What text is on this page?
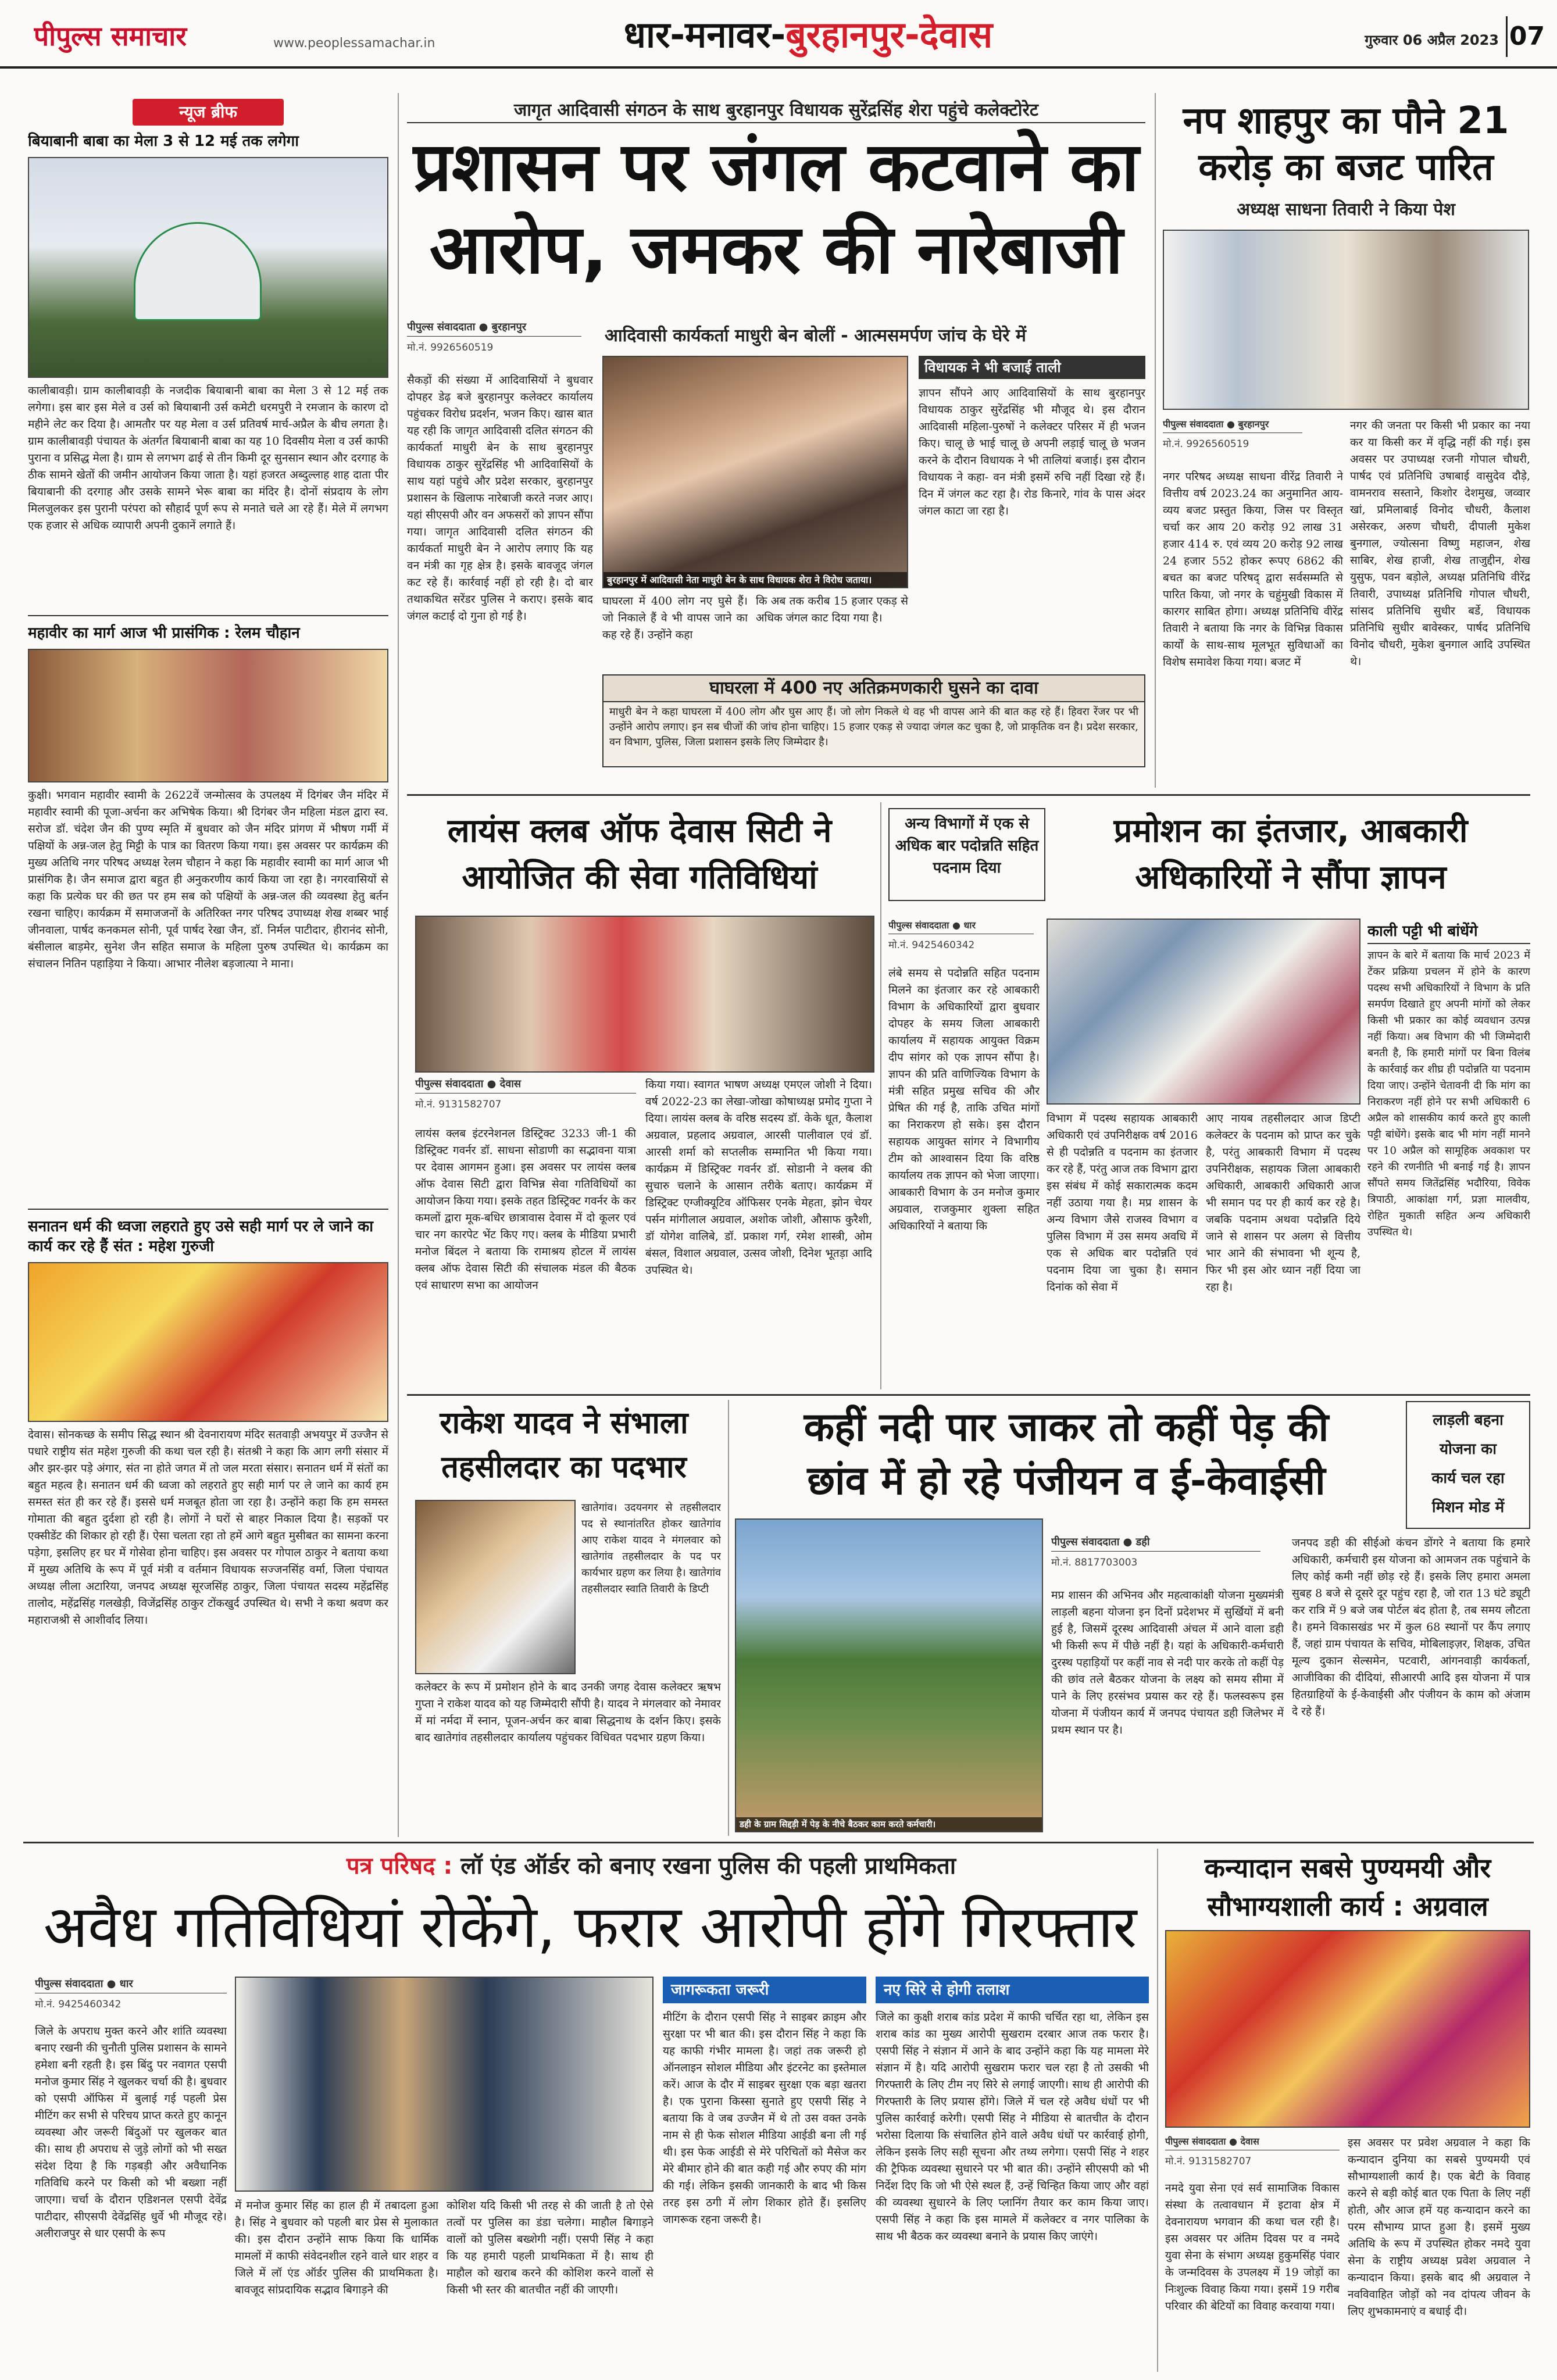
पीपुल्स समाचार	www.peoplessamachar.in	धार-मनावर-बुरहानपुर-देवास	गुरुवार 06 अप्रैल 2023 07
न्यूज ब्रीफ
बियाबानी बाबा का मेला 3 से 12 मई तक लगेगा
कालीबावड़ी। ग्राम कालीबावड़ी के नजदीक बियाबानी बाबा का मेला 3 से 12 मई तक लगेगा। इस बार इस मेले व उर्स को बियाबानी उर्स कमेटी धरमपुरी ने रमजान के कारण दो महीने लेट कर दिया है। आमतौर पर यह मेला व उर्स प्रतिवर्ष मार्च-अप्रैल के बीच लगता है। ग्राम कालीबावड़ी पंचायत के अंतर्गत बियाबानी बाबा का यह 10 दिवसीय मेला व उर्स काफी पुराना व प्रसिद्ध मेला है। ग्राम से लगभग ढाई से तीन किमी दूर सुनसान स्थान और दरगाह के ठीक सामने खेतों की जमीन आयोजन किया जाता है। यहां हजरत अब्दुल्लाह शाह दाता पीर बियाबानी की दरगाह और उसके सामने भेरू बाबा का मंदिर है। दोनों संप्रदाय के लोग मिलजुलकर इस पुरानी परंपरा को सौहार्द पूर्ण रूप से मनाते चले आ रहे हैं। मेले में लगभग एक हजार से अधिक व्यापारी अपनी दुकानें लगाते हैं।
महावीर का मार्ग आज भी प्रासंगिक : रेलम चौहान
कुक्षी। भगवान महावीर स्वामी के 2622वें जन्मोत्सव के उपलक्ष्य में दिगंबर जैन मंदिर में महावीर स्वामी की पूजा-अर्चना कर अभिषेक किया। श्री दिगंबर जैन महिला मंडल द्वारा स्व. सरोज डॉ. चंदेश जैन की पुण्य स्मृति में बुधवार को जैन मंदिर प्रांगण में भीषण गर्मी में पक्षियों के अन्न-जल हेतु मिट्टी के पात्र का वितरण किया गया। इस अवसर पर कार्यक्रम की मुख्य अतिथि नगर परिषद अध्यक्ष रेलम चौहान ने कहा कि महावीर स्वामी का मार्ग आज भी प्रासंगिक है। जैन समाज द्वारा बहुत ही अनुकरणीय कार्य किया जा रहा है। नगरवासियों से कहा कि प्रत्येक घर की छत पर हम सब को पक्षियों के अन्न-जल की व्यवस्था हेतु बर्तन रखना चाहिए। कार्यक्रम में समाजजनों के अतिरिक्त नगर परिषद उपाध्यक्ष शेख शब्बर भाई जीनवाला, पार्षद कनकमल सोनी, पूर्व पार्षद रेखा जैन, डॉ. निर्मल पाटीदार, हीरानंद सोनी, बंसीलाल बाड़मेर, सुनेश जैन सहित समाज के महिला पुरुष उपस्थित थे। कार्यक्रम का संचालन नितिन पहाड़िया ने किया। आभार नीलेश बड़जात्या ने माना।
सनातन धर्म की ध्वजा लहराते हुए उसे सही मार्ग पर ले जाने का कार्य कर रहे हैं संत : महेश गुरुजी
देवास। सोनकच्छ के समीप सिद्ध स्थान श्री देवनारायण मंदिर सतवाड़ी अभयपुर में उज्जैन से पधारे राष्ट्रीय संत महेश गुरुजी की कथा चल रही है। संतश्री ने कहा कि आग लगी संसार में और झर-झर पड़े अंगार, संत ना होते जगत में तो जल मरता संसार। सनातन धर्म में संतों का बहुत महत्व है। सनातन धर्म की ध्वजा को लहराते हुए सही मार्ग पर ले जाने का कार्य हम समस्त संत ही कर रहे हैं। इससे धर्म मजबूत होता जा रहा है। उन्होंने कहा कि हम समस्त गोमाता की बहुत दुर्दशा हो रही है। लोगों ने घरों से बाहर निकाल दिया है। सड़कों पर एक्सीडेंट की शिकार हो रही हैं। ऐसा चलता रहा तो हमें आगे बहुत मुसीबत का सामना करना पड़ेगा, इसलिए हर घर में गोसेवा होना चाहिए। इस अवसर पर गोपाल ठाकुर ने बताया कथा में मुख्य अतिथि के रूप में पूर्व मंत्री व वर्तमान विधायक सज्जनसिंह वर्मा, जिला पंचायत अध्यक्ष लीला अटारिया, जनपद अध्यक्ष सूरजसिंह ठाकुर, जिला पंचायत सदस्य महेंद्रसिंह तालोद, महेंद्रसिंह गलखेड़ी, विजेंद्रसिंह ठाकुर टोंकखुर्द उपस्थित थे। सभी ने कथा श्रवण कर महाराजश्री से आशीर्वाद लिया।
जागृत आदिवासी संगठन के साथ बुरहानपुर विधायक सुरेंद्रसिंह शेरा पहुंचे कलेक्टोरेट
प्रशासन पर जंगल कटवाने का
आरोप, जमकर की नारेबाजी
पीपुल्स संवाददाता ● बुरहानपुर
मो.नं. 9926560519
आदिवासी कार्यकर्ता माधुरी बेन बोलीं - आत्मसमर्पण जांच के घेरे में
सैकड़ों की संख्या में आदिवासियों ने बुधवार दोपहर डेढ़ बजे बुरहानपुर कलेक्टर कार्यालय पहुंचकर विरोध प्रदर्शन, भजन किए। खास बात यह रही कि जागृत आदिवासी दलित संगठन की कार्यकर्ता माधुरी बेन के साथ बुरहानपुर विधायक ठाकुर सुरेंद्रसिंह भी आदिवासियों के साथ यहां पहुंचे और प्रदेश सरकार, बुरहानपुर प्रशासन के खिलाफ नारेबाजी करते नजर आए। यहां सीएसपी और वन अफसरों को ज्ञापन सौंपा गया। जागृत आदिवासी दलित संगठन की कार्यकर्ता माधुरी बेन ने आरोप लगाए कि यह वन मंत्री का गृह क्षेत्र है। इसके बावजूद जंगल कट रहे हैं। कार्रवाई नहीं हो रही है। दो बार तथाकथित सरेंडर पुलिस ने कराए। इसके बाद जंगल कटाई दो गुना हो गई है।
बुरहानपुर में आदिवासी नेता माधुरी बेन के साथ विधायक शेरा ने विरोध जताया।
घाघरला में 400 लोग नए घुसे हैं। जो निकाले हैं वे भी वापस जाने का कह रहे हैं। उन्होंने कहा
कि अब तक करीब 15 हजार एकड़ से अधिक जंगल काट दिया गया है।
विधायक ने भी बजाई ताली
ज्ञापन सौंपने आए आदिवासियों के साथ बुरहानपुर विधायक ठाकुर सुरेंद्रसिंह भी मौजूद थे। इस दौरान आदिवासी महिला-पुरुषों ने कलेक्टर परिसर में ही भजन किए। चालू छे भाई चालू छे अपनी लड़ाई चालू छे भजन करने के दौरान विधायक ने भी तालियां बजाई। इस दौरान विधायक ने कहा- वन मंत्री इसमें रुचि नहीं दिखा रहे हैं। दिन में जंगल कट रहा है। रोड किनारे, गांव के पास अंदर जंगल काटा जा रहा है।
घाघरला में 400 नए अतिक्रमणकारी घुसने का दावा
माधुरी बेन ने कहा घाघरला में 400 लोग और घुस आए हैं। जो लोग निकले थे वह भी वापस आने की बात कह रहे हैं। हिवरा रेंजर पर भी उन्होंने आरोप लगाए। इन सब चीजों की जांच होना चाहिए। 15 हजार एकड़ से ज्यादा जंगल कट चुका है, जो प्राकृतिक वन है। प्रदेश सरकार, वन विभाग, पुलिस, जिला प्रशासन इसके लिए जिम्मेदार है।
नप शाहपुर का पौने 21
करोड़ का बजट पारित
अध्यक्ष साधना तिवारी ने किया पेश
पीपुल्स संवाददाता ● बुरहानपुर
मो.नं. 9926560519
नगर परिषद अध्यक्ष साधना वीरेंद्र तिवारी ने वित्तीय वर्ष 2023.24 का अनुमानित आय-व्यय बजट प्रस्तुत किया, जिस पर विस्तृत चर्चा कर आय 20 करोड़ 92 लाख 31 हजार 414 रु. एवं व्यय 20 करोड़ 92 लाख 24 हजार 552 होकर रूपए 6862 की बचत का बजट परिषद् द्वारा सर्वसम्मति से पारित किया, जो नगर के चहुंमुखी विकास में कारगर साबित होगा। अध्यक्ष प्रतिनिधि वीरेंद्र तिवारी ने बताया कि नगर के विभिन्न विकास कार्यों के साथ-साथ मूलभूत सुविधाओं का विशेष समावेश किया गया। बजट में
नगर की जनता पर किसी भी प्रकार का नया कर या किसी कर में वृद्धि नहीं की गई। इस अवसर पर उपाध्यक्ष रजनी गोपाल चौधरी, पार्षद एवं प्रतिनिधि उषाबाई वासुदेव दौड़े, वामनराव सस्ताने, किशोर देशमुख, जव्वार खां, प्रमिलाबाई विनोद चौधरी, कैलाश असेरकर, अरुण चौधरी, दीपाली मुकेश बुनगाल, ज्योत्सना विष्णु महाजन, शेख साबिर, शेख हाजी, शेख ताजुद्दीन, शेख युसुफ, पवन बड़ोले, अध्यक्ष प्रतिनिधि वीरेंद्र तिवारी, उपाध्यक्ष प्रतिनिधि गोपाल चौधरी, सांसद प्रतिनिधि सुधीर बर्डे, विधायक प्रतिनिधि सुधीर बावेस्कर, पार्षद प्रतिनिधि विनोद चौधरी, मुकेश बुनगाल आदि उपस्थित थे।
लायंस क्लब ऑफ देवास सिटी ने
आयोजित की सेवा गतिविधियां
पीपुल्स संवाददाता ● देवास
मो.नं. 9131582707
लायंस क्लब इंटरनेशनल डिस्ट्रिक्ट 3233 जी-1 की डिस्ट्रिक्ट गवर्नर डॉ. साधना सोडाणी का सद्भावना यात्रा पर देवास आगमन हुआ। इस अवसर पर लायंस क्लब ऑफ देवास सिटी द्वारा विभिन्न सेवा गतिविधियों का आयोजन किया गया। इसके तहत डिस्ट्रिक्ट गवर्नर के कर कमलों द्वारा मूक-बधिर छात्रावास देवास में दो कूलर एवं चार नग कारपेट भेंट किए गए। क्लब के मीडिया प्रभारी मनोज बिंदल ने बताया कि रामाश्रय होटल में लायंस क्लब ऑफ देवास सिटी की संचालक मंडल की बैठक एवं साधारण सभा का आयोजन
किया गया। स्वागत भाषण अध्यक्ष एमएल जोशी ने दिया। वर्ष 2022-23 का लेखा-जोखा कोषाध्यक्ष प्रमोद गुप्ता ने दिया। लायंस क्लब के वरिष्ठ सदस्य डॉ. केके धूत, कैलाश अग्रवाल, प्रहलाद अग्रवाल, आरसी पालीवाल एवं डॉ. आरसी शर्मा को सप्तलीक सम्मानित भी किया गया। कार्यक्रम में डिस्ट्रिक्ट गवर्नर डॉ. सोडानी ने क्लब की सुचारु चलाने के आसान तरीके बताए। कार्यक्रम में डिस्ट्रिक्ट एग्जीक्यूटिव ऑफिसर एनके मेहता, झोन चेयर पर्सन मांगीलाल अग्रवाल, अशोक जोशी, औसाफ कुरैशी, डॉ योगेश वालिबे, डॉ. प्रकाश गर्ग, रमेश शास्त्री, ओम बंसल, विशाल अग्रवाल, उत्सव जोशी, दिनेश भूतड़ा आदि उपस्थित थे।
अन्य विभागों में एक से अधिक बार पदोन्नति सहित पदनाम दिया
प्रमोशन का इंतजार, आबकारी
अधिकारियों ने सौंपा ज्ञापन
पीपुल्स संवाददाता ● धार
मो.नं. 9425460342
लंबे समय से पदोन्नति सहित पदनाम मिलने का इंतजार कर रहे आबकारी विभाग के अधिकारियों द्वारा बुधवार दोपहर के समय जिला आबकारी कार्यालय में सहायक आयुक्त विक्रम दीप सांगर को एक ज्ञापन सौंपा है। ज्ञापन की प्रति वाणिज्यिक विभाग के मंत्री सहित प्रमुख सचिव की और प्रेषित की गई है, ताकि उचित मांगों का निराकरण हो सके। इस दौरान सहायक आयुक्त सांगर ने विभागीय टीम को आश्वासन दिया कि वरिष्ठ कार्यालय तक ज्ञापन को भेजा जाएगा। आबकारी विभाग के उन मनोज कुमार अग्रवाल, राजकुमार शुक्ला सहित अधिकारियों ने बताया कि
विभाग में पदस्थ सहायक आबकारी अधिकारी एवं उपनिरीक्षक वर्ष 2016 से ही पदोन्नति व पदनाम का इंतजार कर रहे हैं, परंतु आज तक विभाग द्वारा इस संबंध में कोई सकारात्मक कदम नहीं उठाया गया है। मप्र शासन के अन्य विभाग जैसे राजस्व विभाग व पुलिस विभाग में उस समय अवधि में एक से अधिक बार पदोन्नति एवं पदनाम दिया जा चुका है। समान दिनांक को सेवा में
आए नायब तहसीलदार आज डिप्टी कलेक्टर के पदनाम को प्राप्त कर चुके है, परंतु आबकारी विभाग में पदस्थ उपनिरीक्षक, सहायक जिला आबकारी अधिकारी, आबकारी अधिकारी आज भी समान पद पर ही कार्य कर रहे है। जबकि पदनाम अथवा पदोन्नति दिये जाने से शासन पर अलग से वित्तीय भार आने की संभावना भी शून्य है, फिर भी इस ओर ध्यान नहीं दिया जा रहा है।
काली पट्टी भी बांधेंगे
ज्ञापन के बारे में बताया कि मार्च 2023 में टेंकर प्रक्रिया प्रचलन में होने के कारण पदस्थ सभी अधिकारियों ने विभाग के प्रति समर्पण दिखाते हुए अपनी मांगों को लेकर किसी भी प्रकार का कोई व्यवधान उत्पन्न नहीं किया। अब विभाग की भी जिम्मेदारी बनती है, कि हमारी मांगों पर बिना विलंब के कार्रवाई कर शीघ्र ही पदोन्नति या पदनाम दिया जाए। उन्होंने चेतावनी दी कि मांग का निराकरण नहीं होने पर सभी अधिकारी 6 अप्रैल को शासकीय कार्य करते हुए काली पट्टी बांधेंगे। इसके बाद भी मांग नहीं मानने पर 10 अप्रैल को सामूहिक अवकाश पर रहने की रणनीति भी बनाई गई है। ज्ञापन सौंपते समय जितेंद्रसिंह भदौरिया, विवेक त्रिपाठी, आकांक्षा गर्ग, प्रज्ञा मालवीय, रोहित मुकाती सहित अन्य अधिकारी उपस्थित थे।
राकेश यादव ने संभाला
तहसीलदार का पदभार
खातेगांव। उदयनगर से तहसीलदार पद से स्थानांतरित होकर खातेगांव आए राकेश यादव ने मंगलवार को खातेगांव तहसीलदार के पद पर कार्यभार ग्रहण कर लिया है। खातेगांव तहसीलदार स्वाति तिवारी के डिप्टी
कलेक्टर के रूप में प्रमोशन होने के बाद उनकी जगह देवास कलेक्टर ऋषभ गुप्ता ने राकेश यादव को यह जिम्मेदारी सौंपी है। यादव ने मंगलवार को नेमावर में मां नर्मदा में स्नान, पूजन-अर्चन कर बाबा सिद्धनाथ के दर्शन किए। इसके बाद खातेगांव तहसीलदार कार्यालय पहुंचकर विधिवत पदभार ग्रहण किया।
कहीं नदी पार जाकर तो कहीं पेड़ की
छांव में हो रहे पंजीयन व ई-केवाईसी
लाड़ली बहना
योजना का
कार्य चल रहा
मिशन मोड में
डही के ग्राम सिद्दड़ी में पेड़ के नीचे बैठकर काम करते कर्मचारी।
पीपुल्स संवाददाता ● डही
मो.नं. 8817703003
मप्र शासन की अभिनव और महत्वाकांक्षी योजना मुख्यमंत्री लाड़ली बहना योजना इन दिनों प्रदेशभर में सुर्खियों में बनी हुई है, जिसमें दूरस्थ आदिवासी अंचल में आने वाला डही भी किसी रूप में पीछे नहीं है। यहां के अधिकारी-कर्मचारी दुरस्थ पहाड़ियों पर कहीं नाव से नदी पार करके तो कहीं पेड़ की छांव तले बैठकर योजना के लक्ष्य को समय सीमा में पाने के लिए हरसंभव प्रयास कर रहे हैं। फलस्वरूप इस योजना में पंजीयन कार्य में जनपद पंचायत डही जिलेभर में प्रथम स्थान पर है।
जनपद डही की सीईओ कंचन डोंगरे ने बताया कि हमारे अधिकारी, कर्मचारी इस योजना को आमजन तक पहुंचाने के लिए कोई कमी नहीं छोड़ रहे हैं। इसके लिए हमारा अमला सुबह 8 बजे से दूसरे दूर पहुंच रहा है, जो रात 13 घंटे ड्यूटी कर रात्रि में 9 बजे जब पोर्टल बंद होता है, तब समय लौटता है। हमने विकासखंड भर में कुल 68 स्थानों पर कैंप लगाए हैं, जहां ग्राम पंचायत के सचिव, मोबिलाइज़र, शिक्षक, उचित मूल्य दुकान सेल्समेन, पटवारी, आंगनवाड़ी कार्यकर्ता, आजीविका की दीदियां, सीआरपी आदि इस योजना में पात्र हितग्राहियों के ई-केवाईसी और पंजीयन के काम को अंजाम दे रहे हैं।
पत्र परिषद : लॉ एंड ऑर्डर को बनाए रखना पुलिस की पहली प्राथमिकता
अवैध गतिविधियां रोकेंगे, फरार आरोपी होंगे गिरफ्तार
पीपुल्स संवाददाता ● धार
मो.नं. 9425460342
जिले के अपराध मुक्त करने और शांति व्यवस्था बनाए रखनी की चुनौती पुलिस प्रशासन के सामने हमेशा बनी रहती है। इस बिंदु पर नवागत एसपी मनोज कुमार सिंह ने खुलकर चर्चा की है। बुधवार को एसपी ऑफिस में बुलाई गई पहली प्रेस मीटिंग कर सभी से परिचय प्राप्त करते हुए कानून व्यवस्था और जरूरी बिंदुओं पर खुलकर बात की। साथ ही अपराध से जुड़े लोगों को भी सख्त संदेश दिया है कि गड़बड़ी और अवैधानिक गतिविधि करने पर किसी को भी बख्शा नहीं जाएगा। चर्चा के दौरान एडिशनल एसपी देवेंद्र पाटीदार, सीएसपी देवेंद्रसिंह धुर्वे भी मौजूद रहे। अलीराजपुर से धार एसपी के रूप
में मनोज कुमार सिंह का हाल ही में तबादला हुआ है। सिंह ने बुधवार को पहली बार प्रेस से मुलाकात की। इस दौरान उन्होंने साफ किया कि धार्मिक मामलों में काफी संवेदनशील रहने वाले धार शहर व जिले में लॉ एंड ऑर्डर पुलिस की प्राथमिकता है। बावजूद सांप्रदायिक सद्भाव बिगाड़ने की
कोशिश यदि किसी भी तरह से की जाती है तो ऐसे तत्वों पर पुलिस का डंडा चलेगा। माहौल बिगाड़ने वालों को पुलिस बख्शेगी नहीं। एसपी सिंह ने कहा कि यह हमारी पहली प्राथमिकता में है। साथ ही माहौल को खराब करने की कोशिश करने वालों से किसी भी स्तर की बातचीत नहीं की जाएगी।
जागरूकता जरूरी
मीटिंग के दौरान एसपी सिंह ने साइबर क्राइम और सुरक्षा पर भी बात की। इस दौरान सिंह ने कहा कि यह काफी गंभीर मामला है। जहां तक जरूरी हो ऑनलाइन सोशल मीडिया और इंटरनेट का इस्तेमाल करें। आज के दौर में साइबर सुरक्षा एक बड़ा खतरा है। एक पुराना किस्सा सुनाते हुए एसपी सिंह ने बताया कि वे जब उज्जैन में थे तो उस वक्त उनके नाम से ही फेक सोशल मीडिया आईडी बना ली गई थी। इस फेक आईडी से मेरे परिचितों को मैसेज कर मेरे बीमार होने की बात कही गई और रुपए की मांग की गई। लेकिन इसकी जानकारी के बाद भी किस तरह इस ठगी में लोग शिकार होते हैं। इसलिए जागरूक रहना जरूरी है।
नए सिरे से होगी तलाश
जिले का कुक्षी शराब कांड प्रदेश में काफी चर्चित रहा था, लेकिन इस शराब कांड का मुख्य आरोपी सुखराम दरबार आज तक फरार है। एसपी सिंह ने संज्ञान में आने के बाद उन्होंने कहा कि यह मामला मेरे संज्ञान में है। यदि आरोपी सुखराम फरार चल रहा है तो उसकी भी गिरफ्तारी के लिए टीम नए सिरे से लगाई जाएगी। साथ ही आरोपी की गिरफ्तारी के लिए प्रयास होंगे। जिले में चल रहे अवैध धंधों पर भी पुलिस कार्रवाई करेगी। एसपी सिंह ने मीडिया से बातचीत के दौरान भरोसा दिलाया कि संचालित होने वाले अवैध धंधों पर कार्रवाई होगी, लेकिन इसके लिए सही सूचना और तथ्य लगेगा। एसपी सिंह ने शहर की ट्रैफिक व्यवस्था सुधारने पर भी बात की। उन्होंने सीएसपी को भी निर्देश दिए कि जो भी ऐसे स्थल हैं, उन्हें चिन्हित किया जाए और वहां की व्यवस्था सुधारने के लिए प्लानिंग तैयार कर काम किया जाए। एसपी सिंह ने कहा कि इस मामले में कलेक्टर व नगर पालिका के साथ भी बैठक कर व्यवस्था बनाने के प्रयास किए जाएंगे।
कन्यादान सबसे पुण्यमयी और
सौभाग्यशाली कार्य : अग्रवाल
पीपुल्स संवाददाता ● देवास
मो.नं. 9131582707
नमदे युवा सेना एवं सर्व सामाजिक विकास संस्था के तत्वावधान में इटावा क्षेत्र में देवनारायण भगवान की कथा चल रही है। इस अवसर पर अंतिम दिवस पर व नमदे युवा सेना के संभाग अध्यक्ष हुकुमसिंह पंवार के जन्मदिवस के उपलक्ष्य में 19 जोड़ों का निःशुल्क विवाह किया गया। इसमें 19 गरीब परिवार की बेटियों का विवाह करवाया गया।
इस अवसर पर प्रवेश अग्रवाल ने कहा कि कन्यादान दुनिया का सबसे पुण्यमयी एवं सौभाग्यशाली कार्य है। एक बेटी के विवाह करने से बड़ी कोई बात एक पिता के लिए नहीं होती, और आज हमें यह कन्यादान करने का परम सौभाग्य प्राप्त हुआ है। इसमें मुख्य अतिथि के रूप में उपस्थित होकर नमदे युवा सेना के राष्ट्रीय अध्यक्ष प्रवेश अग्रवाल ने कन्यादान किया। इसके बाद श्री अग्रवाल ने नवविवाहित जोड़ों को नव दांपत्य जीवन के लिए शुभकामनाएं व बधाई दी।
